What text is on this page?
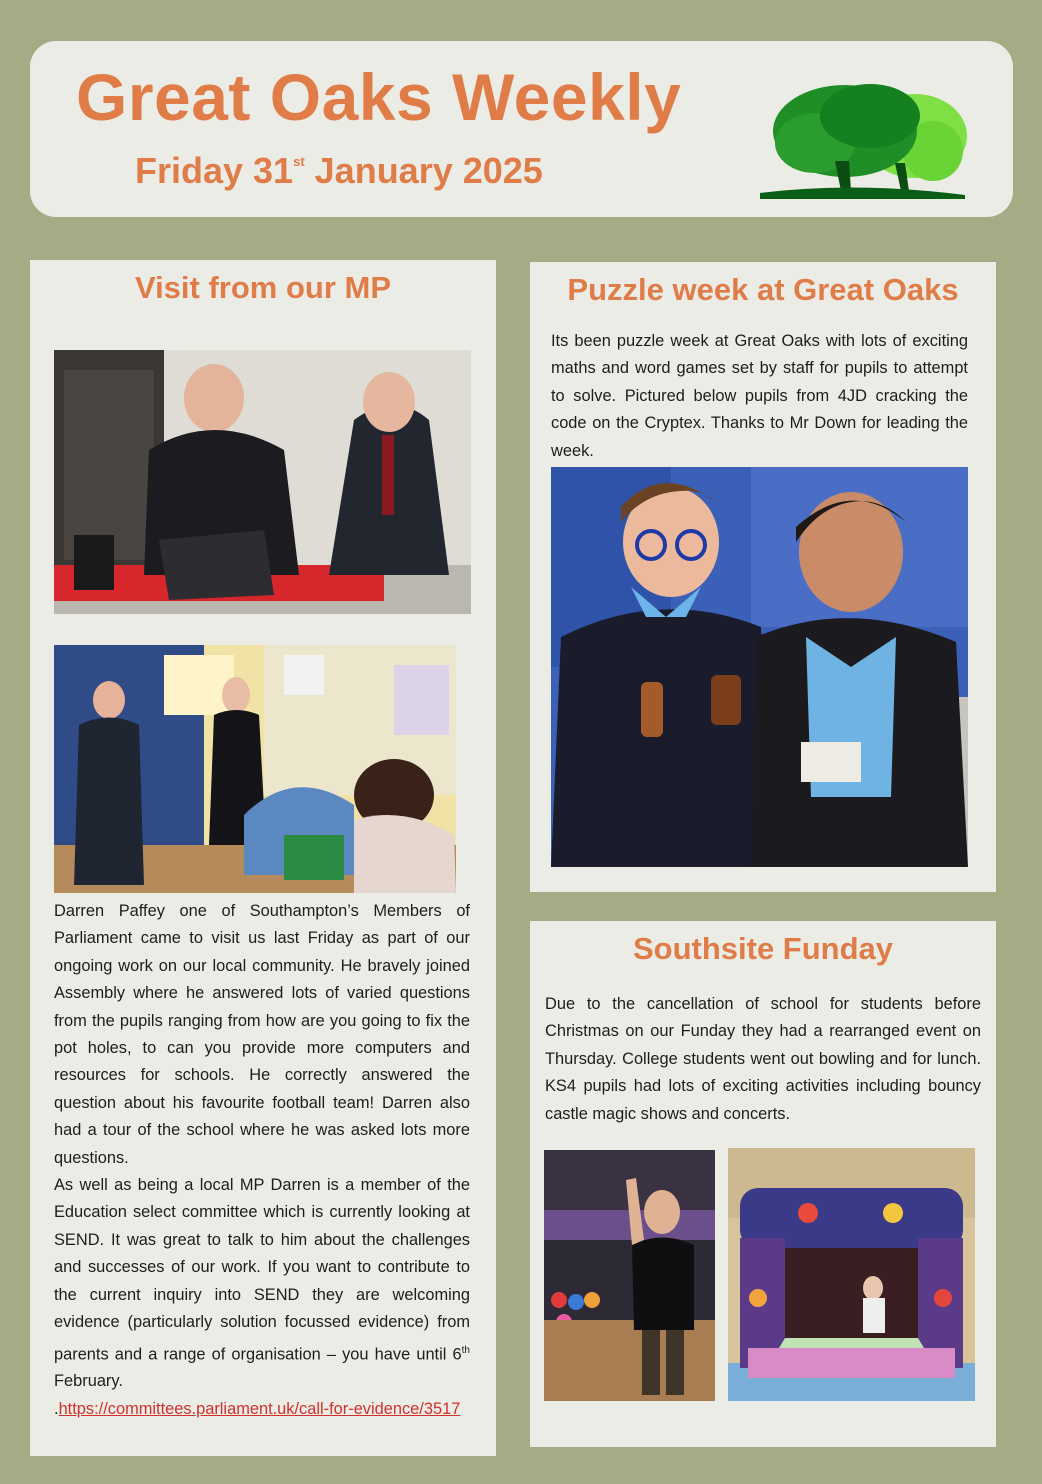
Great Oaks Weekly
Friday 31st January 2025
Visit from our MP

Darren Paffey one of Southampton’s Members of Parliament came to visit us last Friday as part of our ongoing work on our local community. He bravely joined Assembly where he answered lots of varied questions from the pupils ranging from how are you going to fix the pot holes, to can you provide more computers and resources for schools. He correctly answered the question about his favourite football team! Darren also had a tour of the school where he was asked lots more questions.

As well as being a local MP Darren is a member of the Education select committee which is currently looking at SEND. It was great to talk to him about the challenges and successes of our work. If you want to contribute to the current inquiry into SEND they are welcoming evidence (particularly solution focussed evidence) from parents and a range of organisation – you have until 6th February.

.https://committees.parliament.uk/call-for-evidence/3517

Puzzle week at Great Oaks
Its been puzzle week at Great Oaks with lots of exciting maths and word games set by staff for pupils to attempt to solve. Pictured below pupils from 4JD cracking the code on the Cryptex. Thanks to Mr Down for leading the week.
Southsite Funday
Due to the cancellation of school for students before Christmas on our Funday they had a rearranged event on Thursday. College students went out bowling and for lunch. KS4 pupils had lots of exciting activities including bouncy castle magic shows and concerts.
